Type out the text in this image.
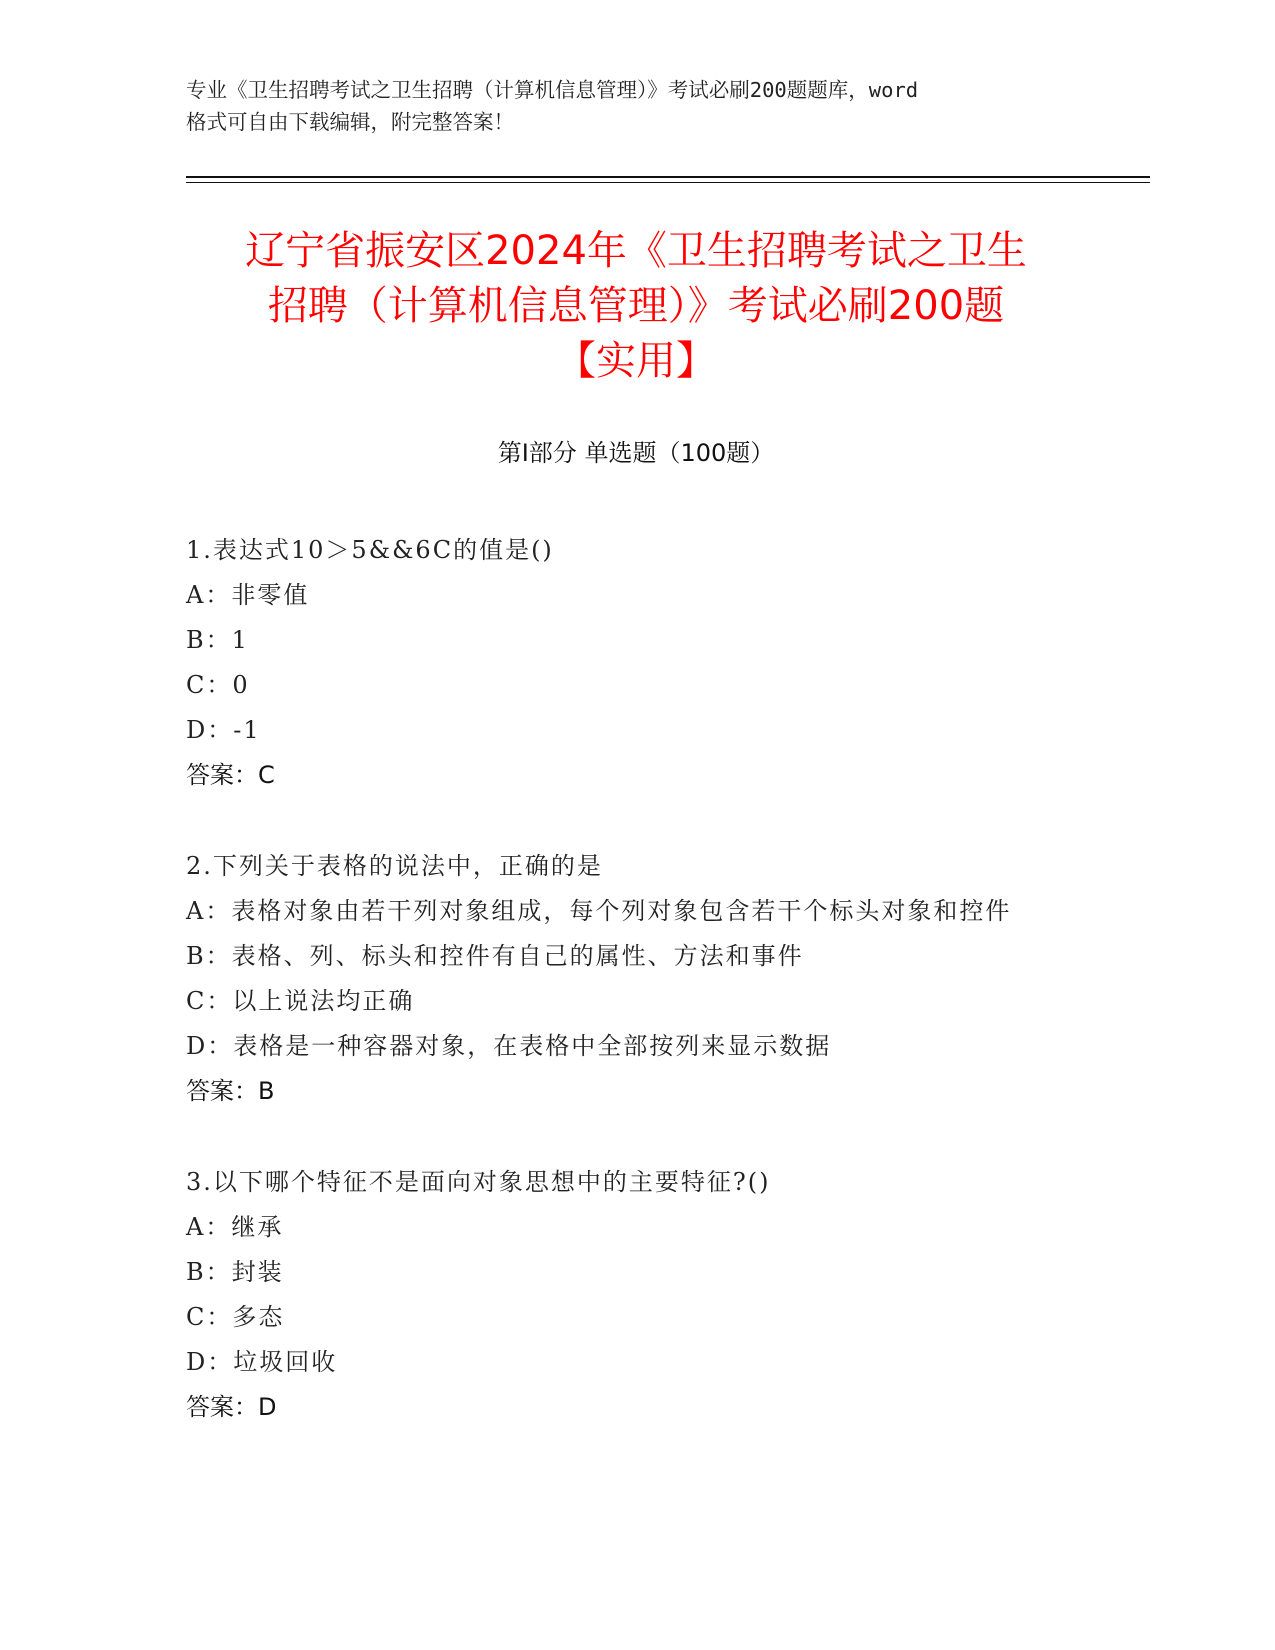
专业《卫生招聘考试之卫生招聘（计算机信息管理）》考试必刷200题题库，word
格式可自由下载编辑，附完整答案！
辽宁省振安区2024年《卫生招聘考试之卫生
招聘（计算机信息管理）》考试必刷200题
【实用】
第Ⅰ部分 单选题（100题）
1.表达式10＞5&&6C的值是()
A：非零值
B：1
C：0
D：-1
答案：C
2.下列关于表格的说法中，正确的是
A：表格对象由若干列对象组成，每个列对象包含若干个标头对象和控件
B：表格、列、标头和控件有自己的属性、方法和事件
C：以上说法均正确
D：表格是一种容器对象，在表格中全部按列来显示数据
答案：B
3.以下哪个特征不是面向对象思想中的主要特征?()
A：继承
B：封装
C：多态
D：垃圾回收
答案：D
